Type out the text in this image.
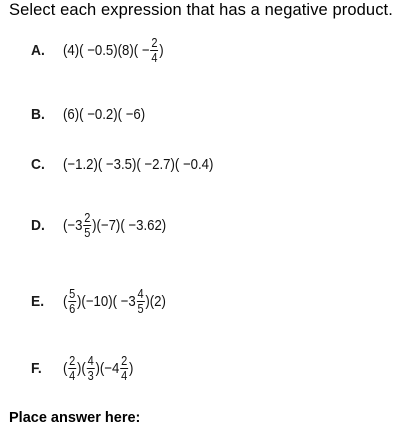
Select each expression that has a negative product.
A.	$(4)( -0.5)(8)( - \frac{2}{4}$ )
B.	(6)( −0.2)( −6)
C.	(−1.2)( −3.5)( −2.7)( −0.4)
D.	$(-3 \frac{2}{5} )(-7)( -3.62)$
E.	( $\frac{5}{6} )(-10)( -3 \frac{4}{5} )(2)$
F.	( $\frac{2}{4}$ )( $\frac{4}{3} )(-4 \frac{2}{4}$ )
Place answer here:
